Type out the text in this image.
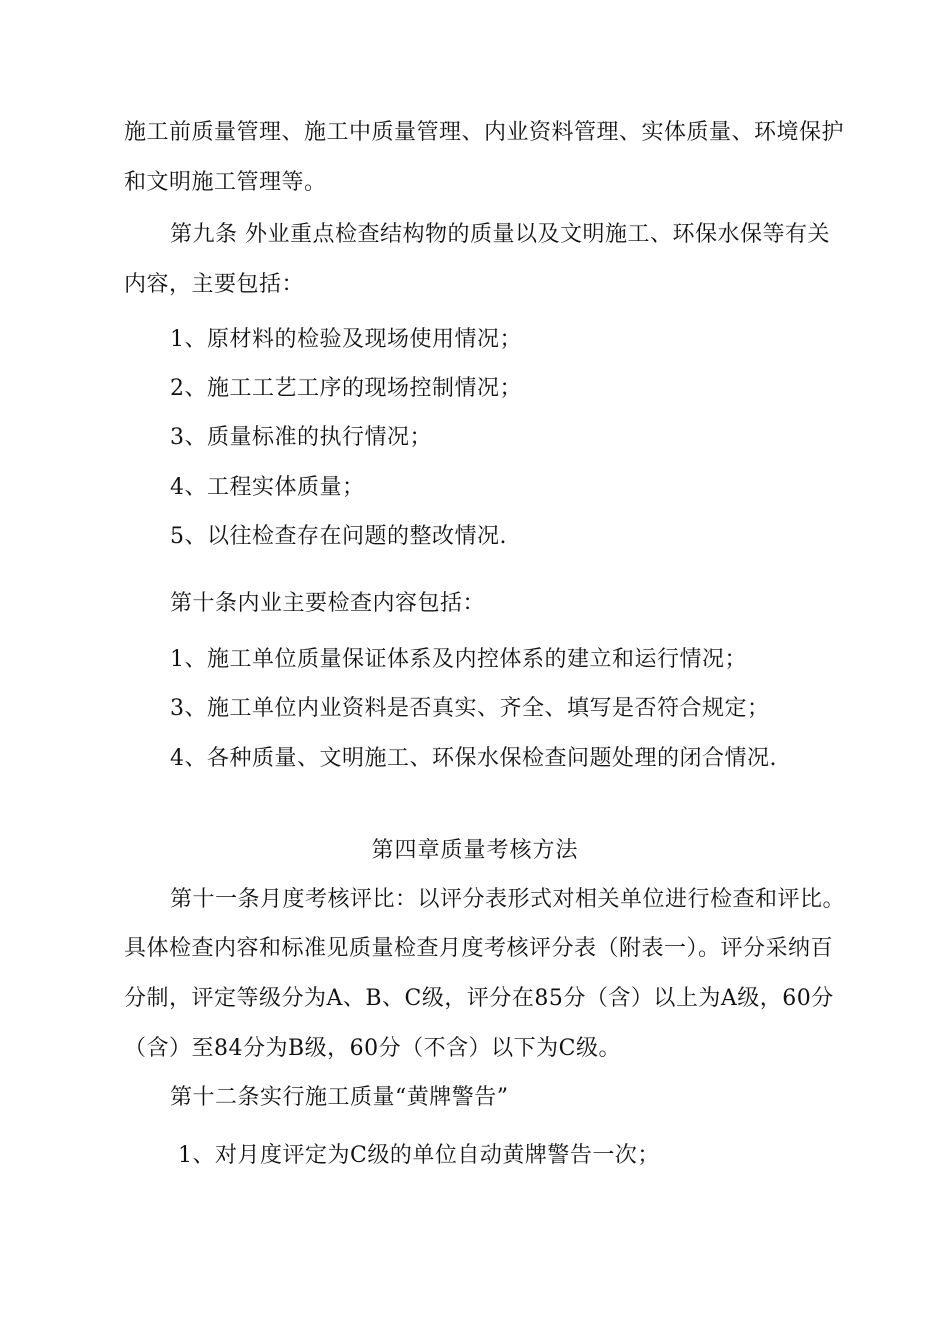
施工前质量管理、施工中质量管理、内业资料管理、实体质量、环境保护
和文明施工管理等。
第九条 外业重点检查结构物的质量以及文明施工、环保水保等有关
内容，主要包括：
1、原材料的检验及现场使用情况；
2、施工工艺工序的现场控制情况；
3、质量标准的执行情况；
4、工程实体质量；
5、以往检查存在问题的整改情况.
第十条内业主要检查内容包括：
1、施工单位质量保证体系及内控体系的建立和运行情况；
3、施工单位内业资料是否真实、齐全、填写是否符合规定；
4、各种质量、文明施工、环保水保检查问题处理的闭合情况.
第四章质量考核方法
第十一条月度考核评比：以评分表形式对相关单位进行检查和评比。
具体检查内容和标准见质量检查月度考核评分表（附表一）。评分采纳百
分制，评定等级分为A、B、C级，评分在85分（含）以上为A级，60分
（含）至84分为B级，60分（不含）以下为C级。
第十二条实行施工质量“黄牌警告”
1、对月度评定为C级的单位自动黄牌警告一次；
